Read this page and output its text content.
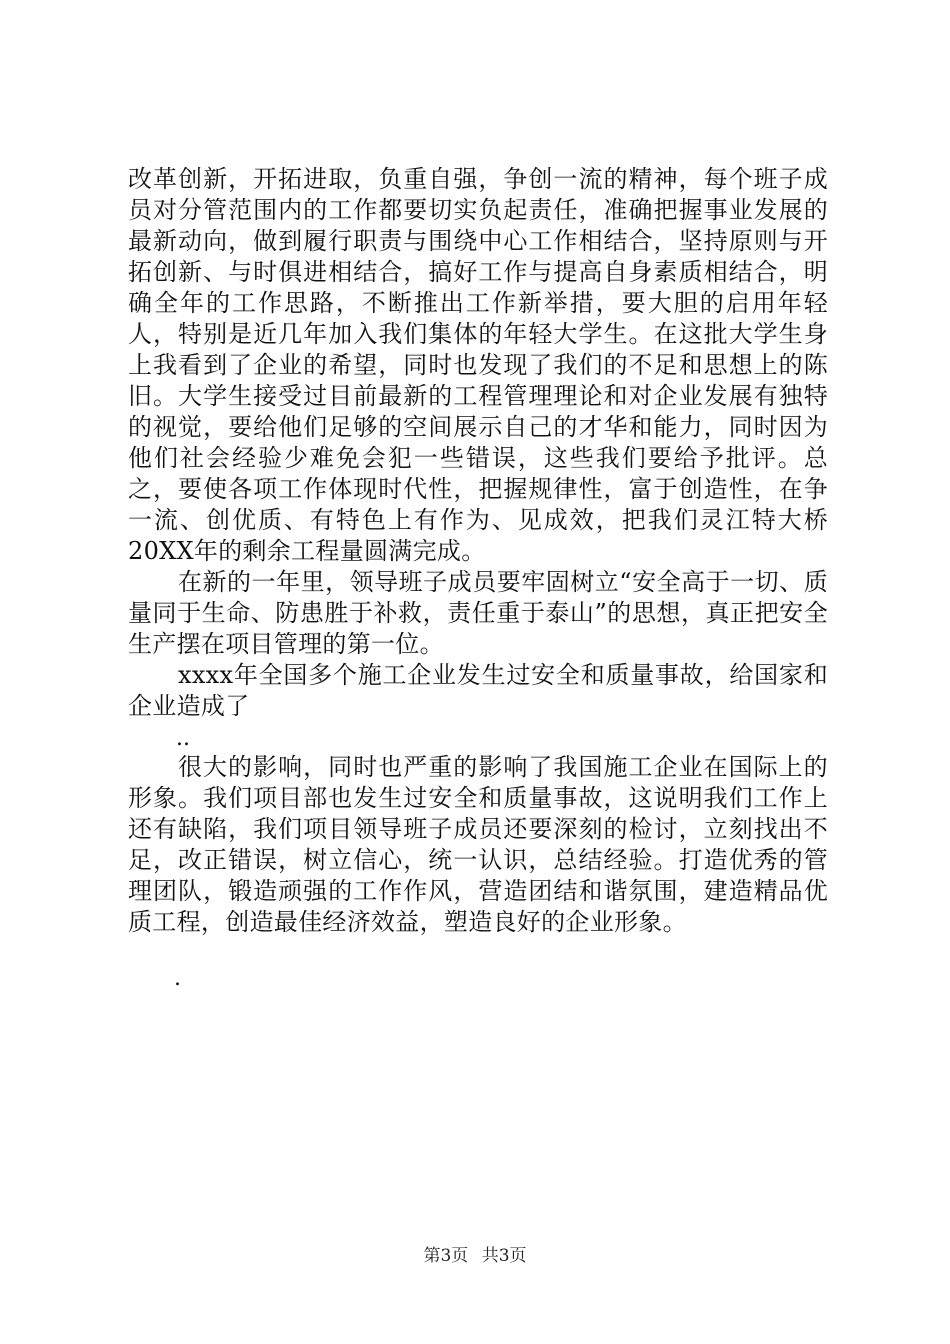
改革创新，开拓进取，负重自强，争创一流的精神，每个班子成员对分管范围内的工作都要切实负起责任，准确把握事业发展的最新动向，做到履行职责与围绕中心工作相结合，坚持原则与开拓创新、与时俱进相结合，搞好工作与提高自身素质相结合，明确全年的工作思路，不断推出工作新举措，要大胆的启用年轻人，特别是近几年加入我们集体的年轻大学生。在这批大学生身上我看到了企业的希望，同时也发现了我们的不足和思想上的陈旧。大学生接受过目前最新的工程管理理论和对企业发展有独特的视觉，要给他们足够的空间展示自己的才华和能力，同时因为他们社会经验少难免会犯一些错误，这些我们要给予批评。总之，要使各项工作体现时代性，把握规律性，富于创造性，在争一流、创优质、有特色上有作为、见成效，把我们灵江特大桥20XX年的剩余工程量圆满完成。

在新的一年里，领导班子成员要牢固树立“安全高于一切、质量同于生命、防患胜于补救，责任重于泰山”的思想，真正把安全生产摆在项目管理的第一位。

xxxx年全国多个施工企业发生过安全和质量事故，给国家和企业造成了

..

很大的影响，同时也严重的影响了我国施工企业在国际上的形象。我们项目部也发生过安全和质量事故，这说明我们工作上还有缺陷，我们项目领导班子成员还要深刻的检讨，立刻找出不足，改正错误，树立信心，统一认识，总结经验。打造优秀的管理团队，锻造顽强的工作作风，营造团结和谐氛围，建造精品优质工程，创造最佳经济效益，塑造良好的企业形象。

.
第3页 共3页
